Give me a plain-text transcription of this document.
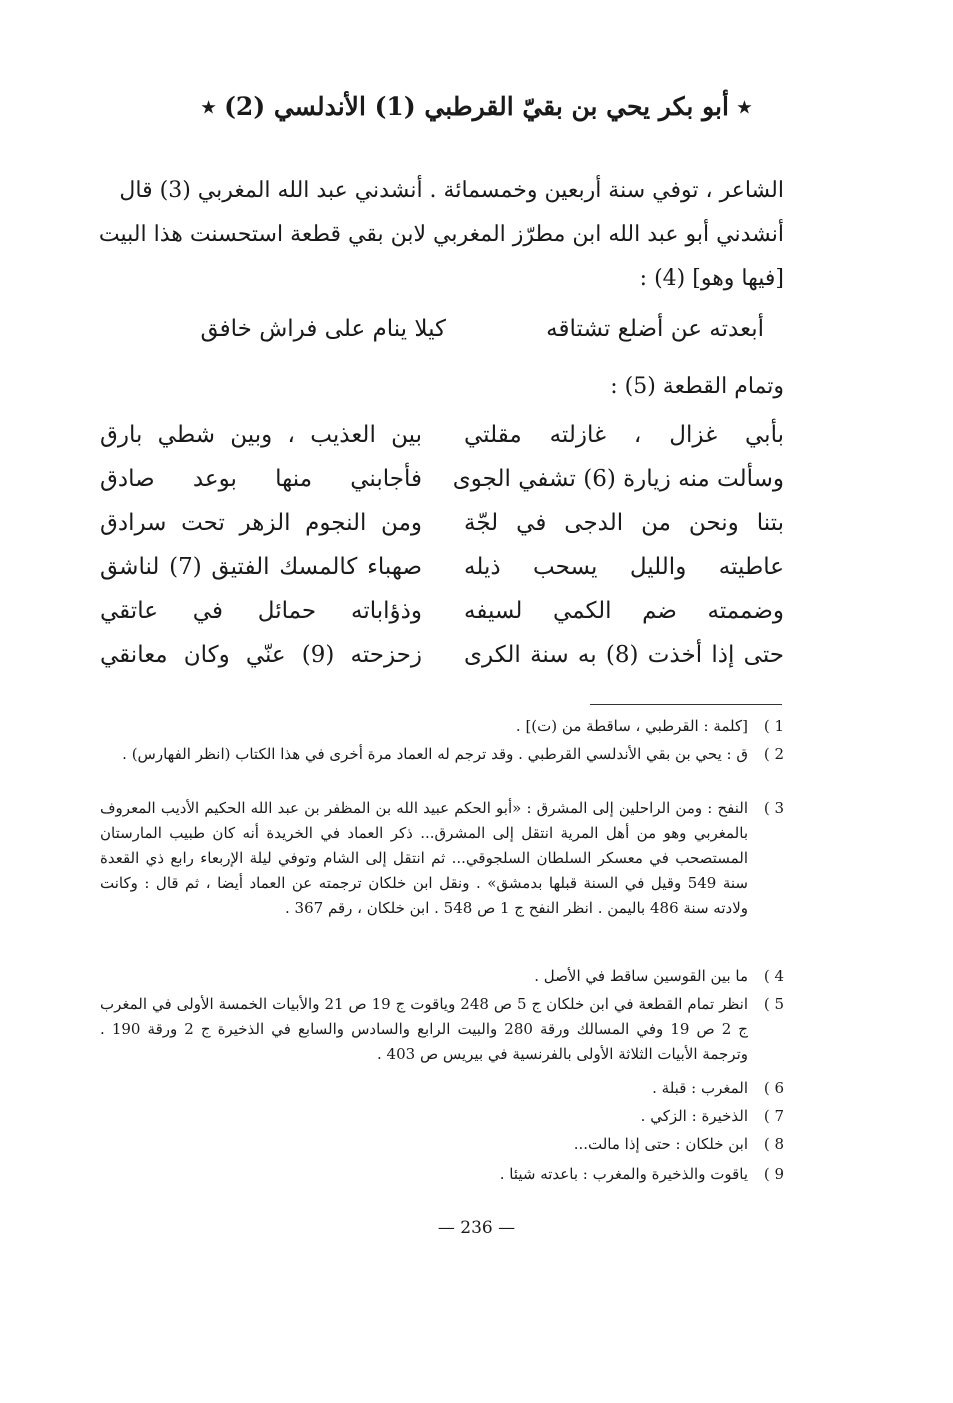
٭ أبو بكر يحي بن بقيّ القرطبي (1) الأندلسي (2) ٭
الشاعر ، توفي سنة أربعين وخمسمائة . أنشدني عبد الله المغربي (3) قال
أنشدني أبو عبد الله ابن مطرّز المغربي لابن بقي قطعة استحسنت هذا البيت
[فيها وهو] (4) :
أبعدته عن أضلع تشتاقه
كيلا ينام على فراش خافق
وتمام القطعة (5) :
بأبي غزال ، غازلته مقلتي
بين العذيب ، وبين شطي بارق
وسألت منه زيارة (6) تشفي الجوى
فأجابني منها بوعد صادق
بتنا ونحن من الدجى في لجّة
ومن النجوم الزهر تحت سرادق
عاطيته والليل يسحب ذيله
صهباء كالمسك الفتيق (7) لناشق
وضممته ضم الكمي لسيفه
وذؤاباته حمائل في عاتقي
حتى إذا أخذت (8) به سنة الكرى
زحزحته (9) عنّي وكان معانقي
1 )
[كلمة : القرطبي ، ساقطة من (ت)] .
2 )
ق : يحي بن بقي الأندلسي القرطبي . وقد ترجم له العماد مرة أخرى في هذا الكتاب (انظر الفهارس) .
3 )
النفح : ومن الراحلين إلى المشرق : «أبو الحكم عبيد الله بن المظفر بن عبد الله الحكيم الأديب المعروف بالمغربي وهو من أهل المرية انتقل إلى المشرق... ذكر العماد في الخريدة أنه كان طبيب المارستان المستصحب في معسكر السلطان السلجوقي... ثم انتقل إلى الشام وتوفي ليلة الإربعاء رابع ذي القعدة سنة 549 وقيل في السنة قبلها بدمشق» . ونقل ابن خلكان ترجمته عن العماد أيضا ، ثم قال : وكانت ولادته سنة 486 باليمن . انظر النفح ج 1 ص 548 . ابن خلكان ، رقم 367 .
4 )
ما بين القوسين ساقط في الأصل .
5 )
انظر تمام القطعة في ابن خلكان ج 5 ص 248 وياقوت ج 19 ص 21 والأبيات الخمسة الأولى في المغرب ج 2 ص 19 وفي المسالك ورقة 280 والبيت الرابع والسادس والسابع في الذخيرة ج 2 ورقة 190 . وترجمة الأبيات الثلاثة الأولى بالفرنسية في بيريس ص 403 .
6 )
المغرب : قبلة .
7 )
الذخيرة : الزكي .
8 )
ابن خلكان : حتى إذا مالت...
9 )
ياقوت والذخيرة والمغرب : باعدته شيئا .
— 236 —
